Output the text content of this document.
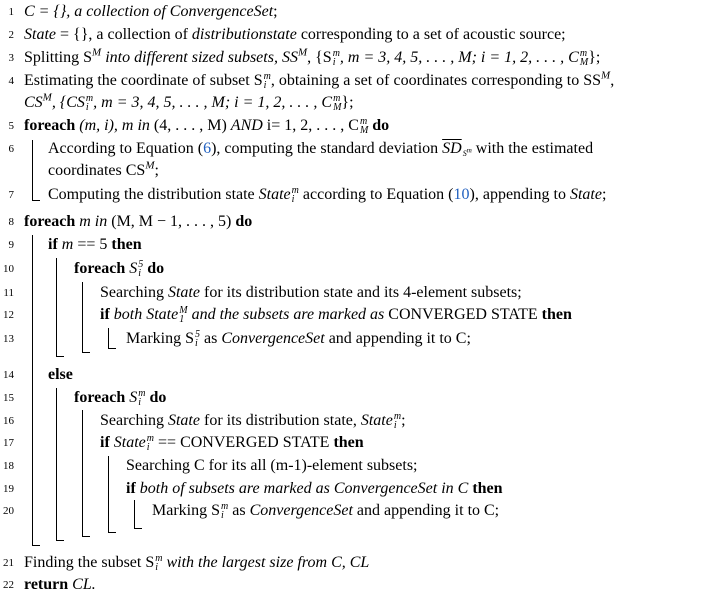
1 C = {}, a collection of ConvergenceSet;
2 State = {}, a collection of distributionstate corresponding to a set of acoustic source;
3 Splitting $S^M$ into different sized subsets, $SS^M$, {S m
i , m = 3, 4, 5, . . . , M; i = 1, 2, . . . , C m
M };
4 Estimating the coordinate of subset S m
i , obtaining a set of coordinates corresponding to $SS^M$,
$CS^M$, {CS m
i , m = 3, 4, 5, . . . , M; i = 1, 2, . . . , C m
M };
5 foreach (m, i), m in (4, . . . , M) AND i= 1, 2, . . . , C m
M do
6 According to Equation (6), computing the standard deviation $\overline{SD}$
$S^m$ with the estimated
coordinates $CS^M$;
7 Computing the distribution state State m
i according to Equation (10), appending to State;
8 foreach m in (M, M − 1, . . . , 5) do
9 if m == 5 then
10	foreach S 5
i do
11	Searching State for its distribution state and its 4-element subsets;
12	if both State M
1 and the subsets are marked as CONVERGED STATE then
13	Marking S 5
i as ConvergenceSet and appending it to C;
14 else
15	foreach S m
i do
16	Searching State for its distribution state, State m
i ;
17	if State m
i == CONVERGED STATE then
18	Searching C for its all (m-1)-element subsets;
19	if both of subsets are marked as ConvergenceSet in C then
20	Marking S m
i as ConvergenceSet and appending it to C;
21 Finding the subset S m
i with the largest size from C, CL
22 return CL.
